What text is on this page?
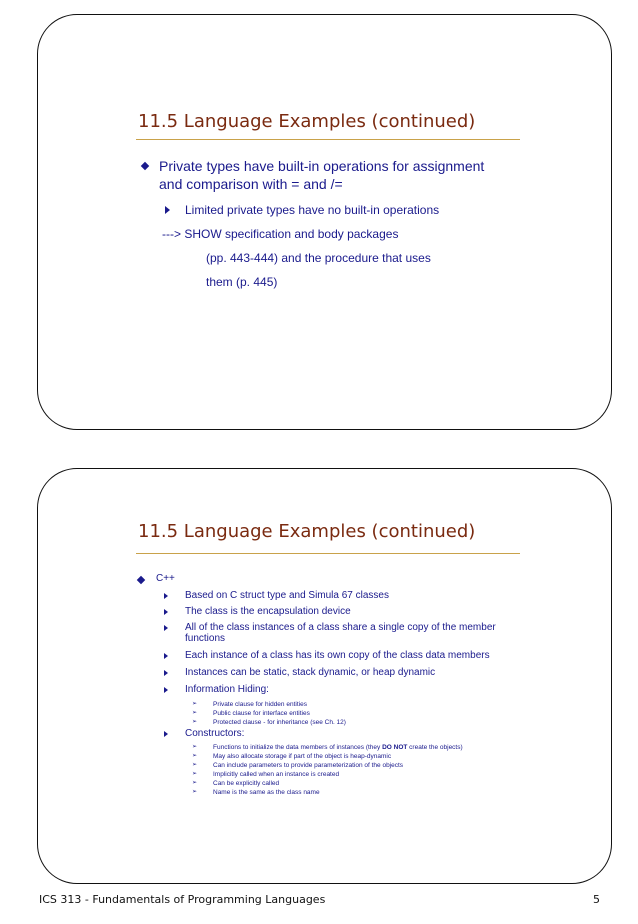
11.5 Language Examples (continued)
Private types have built-in operations for assignment
and comparison with = and /=
Limited private types have no built-in operations
---> SHOW specification and body packages
(pp. 443-444) and the procedure that uses
them (p. 445)
11.5 Language Examples (continued)
C++
Based on C struct type and Simula 67 classes
The class is the encapsulation device
All of the class instances of a class share a single copy of the member
functions
Each instance of a class has its own copy of the class data members
Instances can be static, stack dynamic, or heap dynamic
Information Hiding:
➢ Private clause for hidden entities
➢ Public clause for interface entities
➢ Protected clause - for inheritance (see Ch. 12)
Constructors:
➢ Functions to initialize the data members of instances (they DO NOT create the objects)
➢ May also allocate storage if part of the object is heap-dynamic
➢ Can include parameters to provide parameterization of the objects
➢ Implicitly called when an instance is created
➢ Can be explicitly called
➢ Name is the same as the class name
ICS 313 - Fundamentals of Programming Languages	5
